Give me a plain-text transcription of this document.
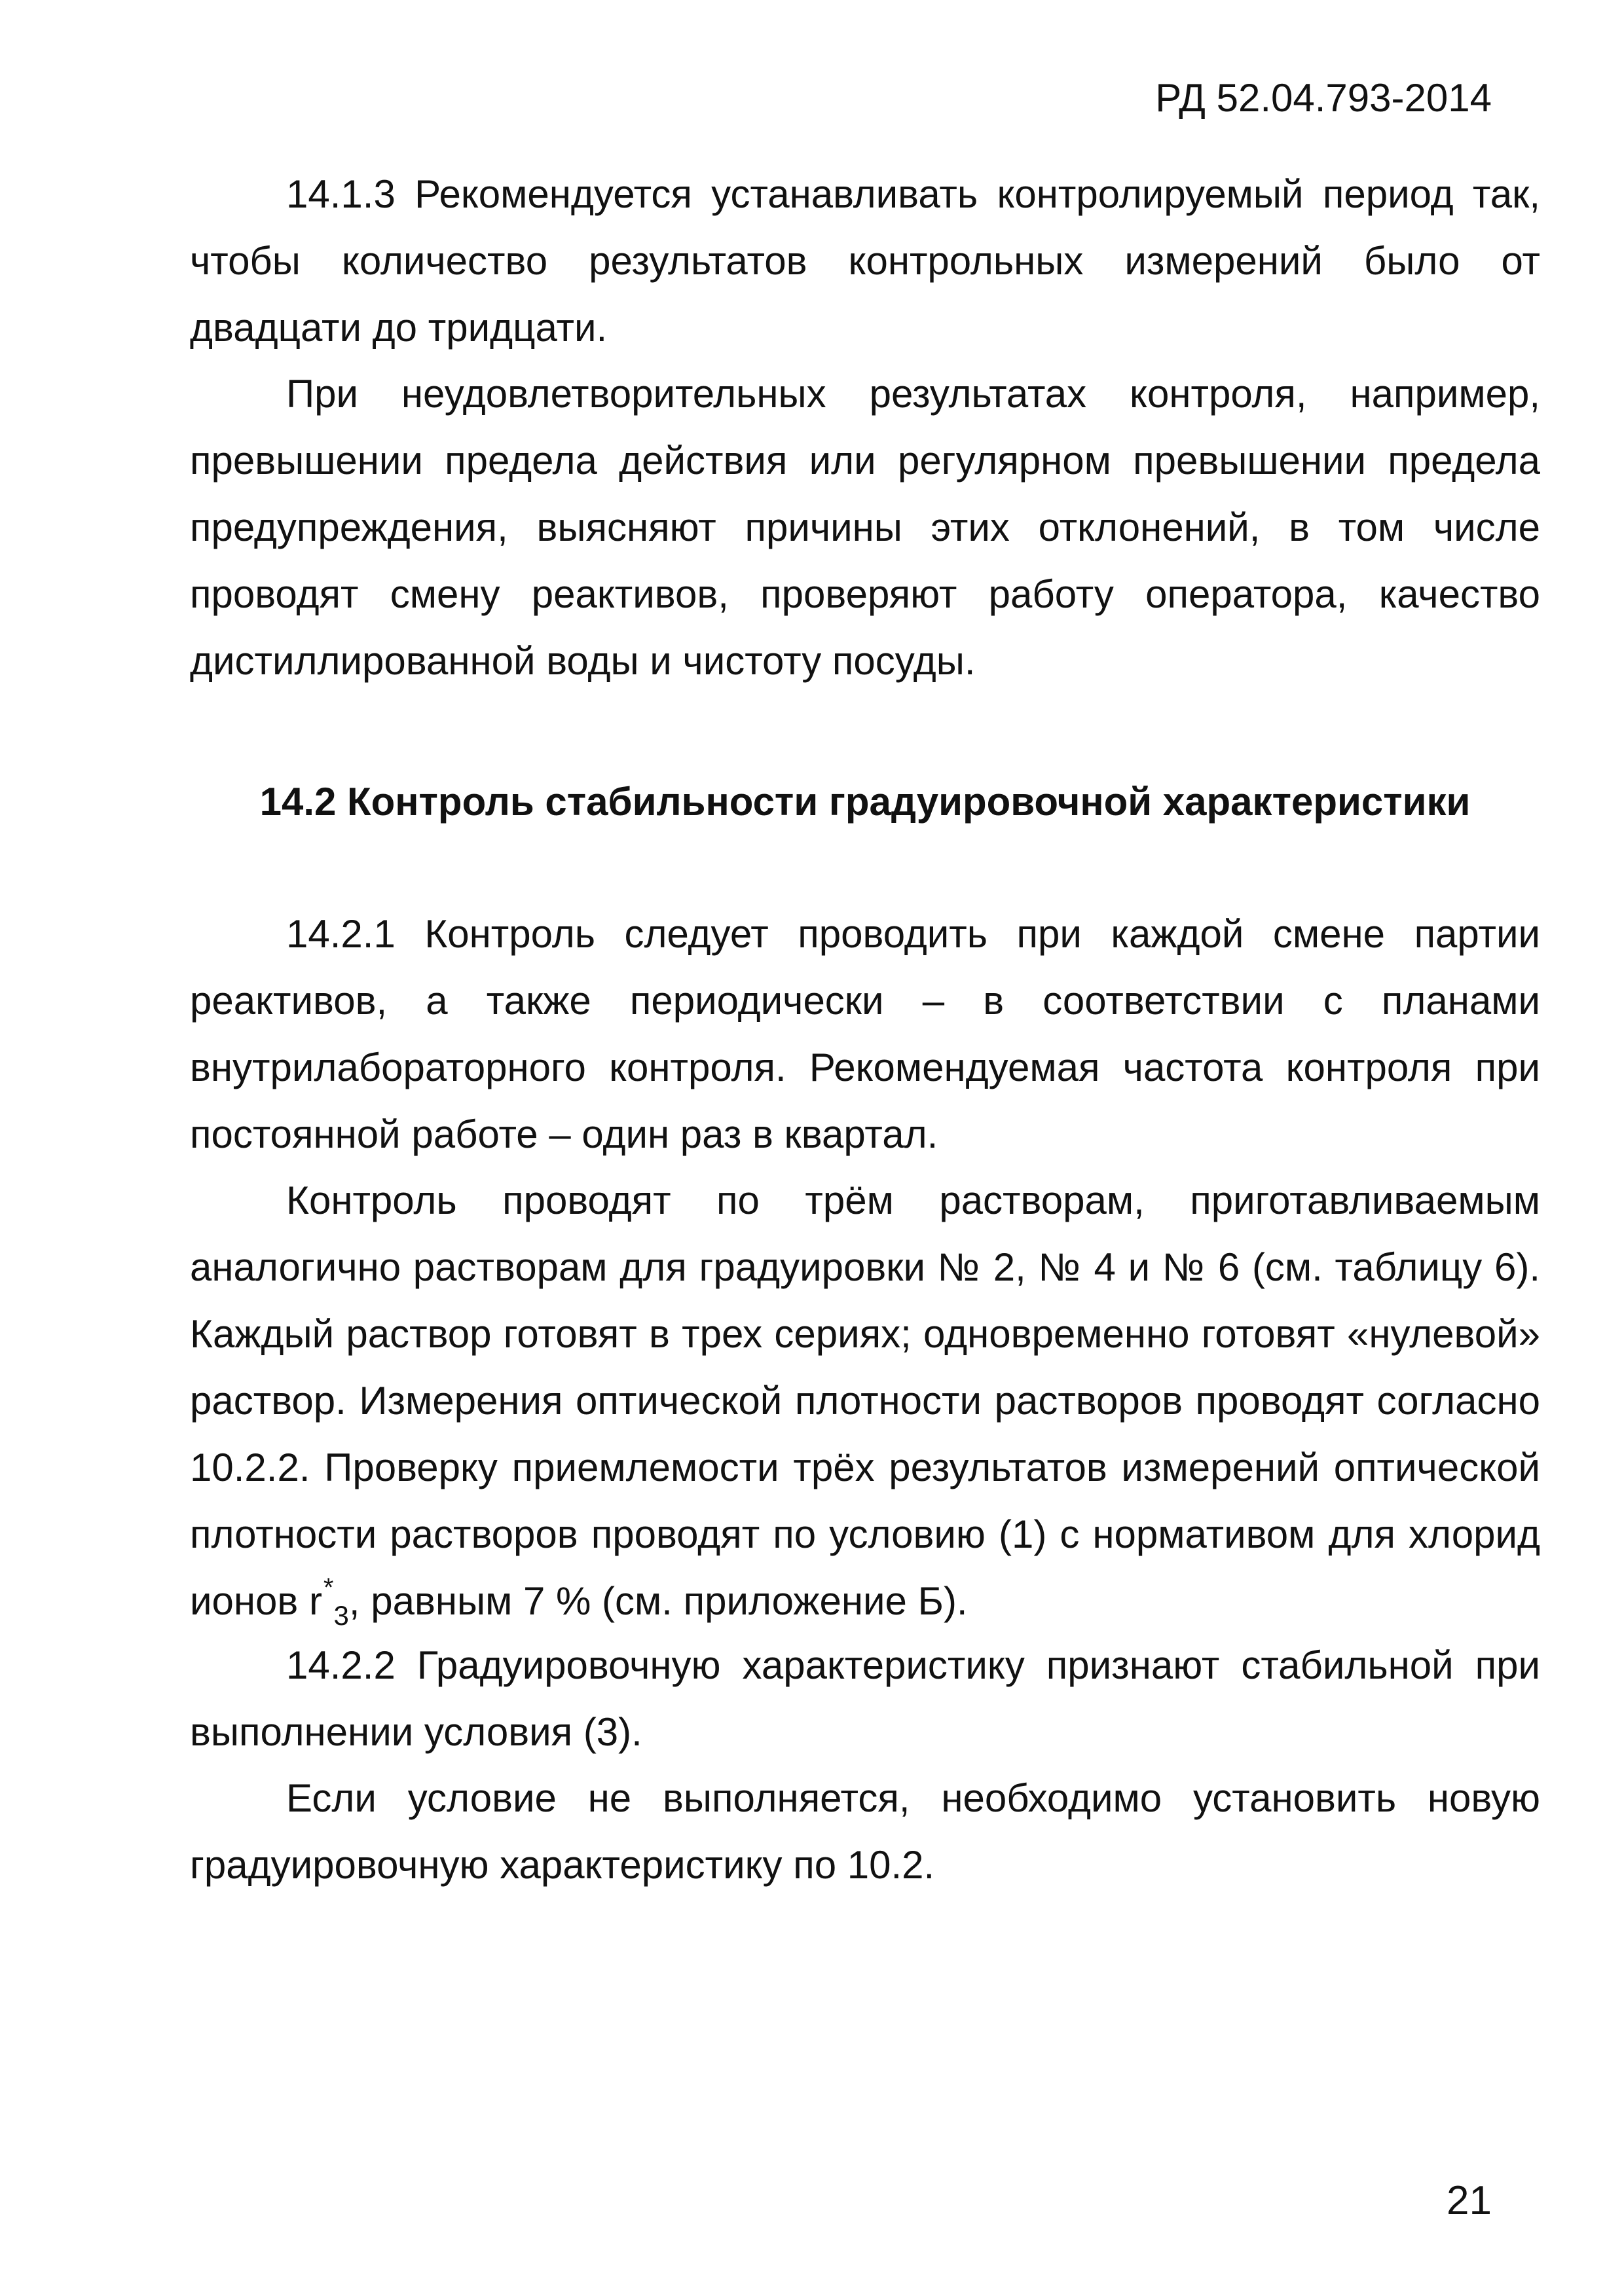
РД 52.04.793-2014

14.1.3 Рекомендуется устанавливать контролируемый период так, чтобы количество результатов контрольных измерений было от двадцати до тридцати.

При неудовлетворительных результатах контроля, например, превышении предела действия или регулярном превышении предела предупреждения, выясняют причины этих отклонений, в том числе проводят смену реактивов, проверяют работу оператора, качество дистиллированной воды и чистоту посуды.

14.2 Контроль стабильности градуировочной характеристики

14.2.1 Контроль следует проводить при каждой смене партии реактивов, а также периодически – в соответствии с планами внутрилабораторного контроля. Рекомендуемая частота контроля при постоянной работе – один раз в квартал.

Контроль проводят по трём растворам, приготавливаемым аналогично растворам для градуировки № 2, № 4 и № 6 (см. таблицу 6). Каждый раствор готовят в трех сериях; одновременно готовят «нулевой» раствор. Измерения оптической плотности растворов проводят согласно 10.2.2. Проверку приемлемости трёх результатов измерений оптической плотности растворов проводят по условию (1) с нормативом для хлорид ионов $r^*_3$, равным 7 % (см. приложение Б).

14.2.2 Градуировочную характеристику признают стабильной при выполнении условия (3).

Если условие не выполняется, необходимо установить новую градуировочную характеристику по 10.2.

21
